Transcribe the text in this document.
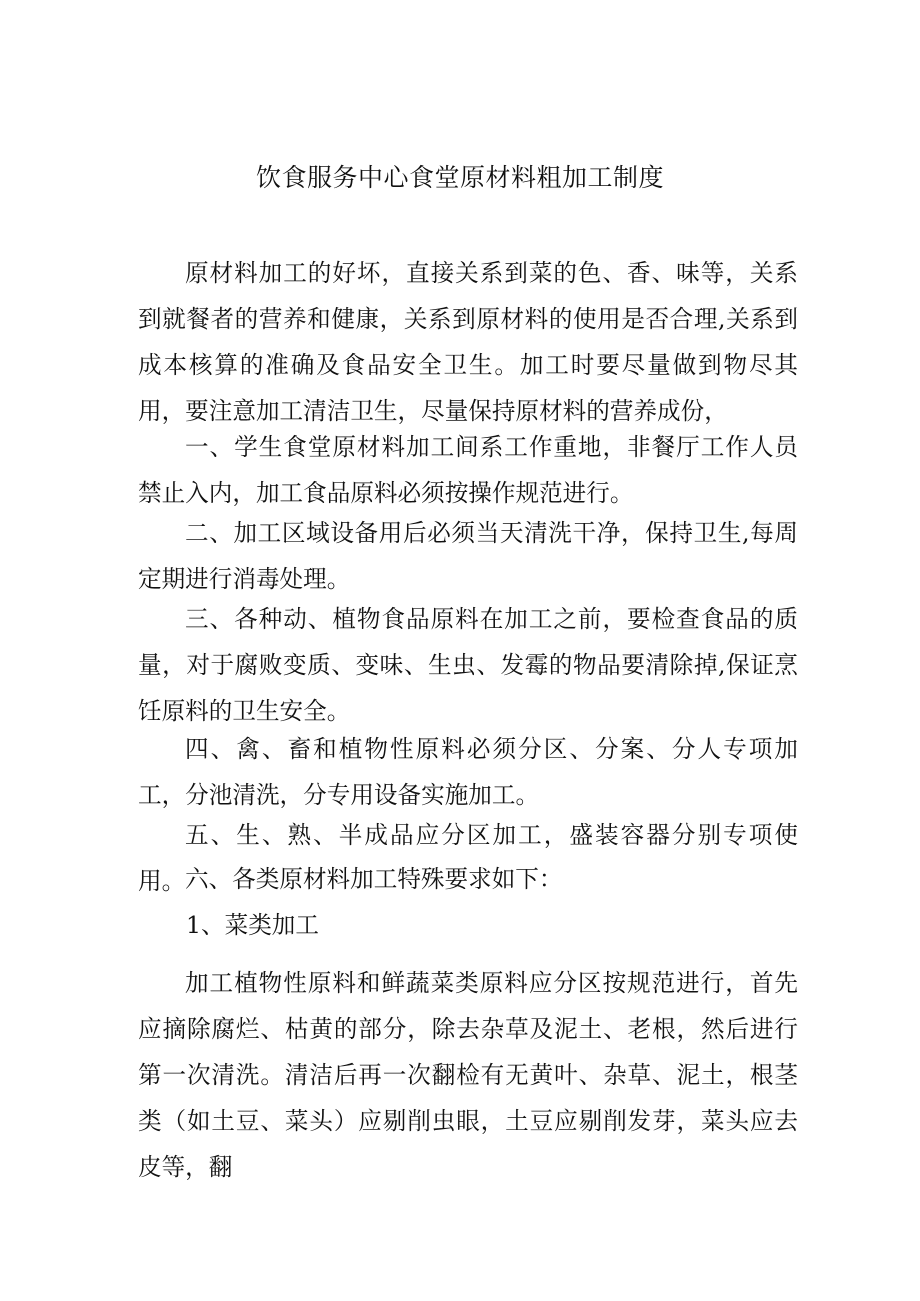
饮食服务中心食堂原材料粗加工制度
原材料加工的好坏，直接关系到菜的色、香、味等，关系到就餐者的营养和健康，关系到原材料的使用是否合理,关系到成本核算的准确及食品安全卫生。加工时要尽量做到物尽其用，要注意加工清洁卫生，尽量保持原材料的营养成份，
一、学生食堂原材料加工间系工作重地，非餐厅工作人员禁止入内，加工食品原料必须按操作规范进行。
二、加工区域设备用后必须当天清洗干净，保持卫生,每周定期进行消毒处理。
三、各种动、植物食品原料在加工之前，要检查食品的质量，对于腐败变质、变味、生虫、发霉的物品要清除掉,保证烹饪原料的卫生安全。
四、禽、畜和植物性原料必须分区、分案、分人专项加工，分池清洗，分专用设备实施加工。
五、生、熟、半成品应分区加工，盛装容器分别专项使用。 六、各类原材料加工特殊要求如下：
1、菜类加工
加工植物性原料和鲜蔬菜类原料应分区按规范进行，首先应摘除腐烂、枯黄的部分，除去杂草及泥土、老根，然后进行第一次清洗。清洁后再一次翻检有无黄叶、杂草、泥土，根茎类（如土豆、菜头）应剔削虫眼，土豆应剔削发芽，菜头应去皮等，翻
